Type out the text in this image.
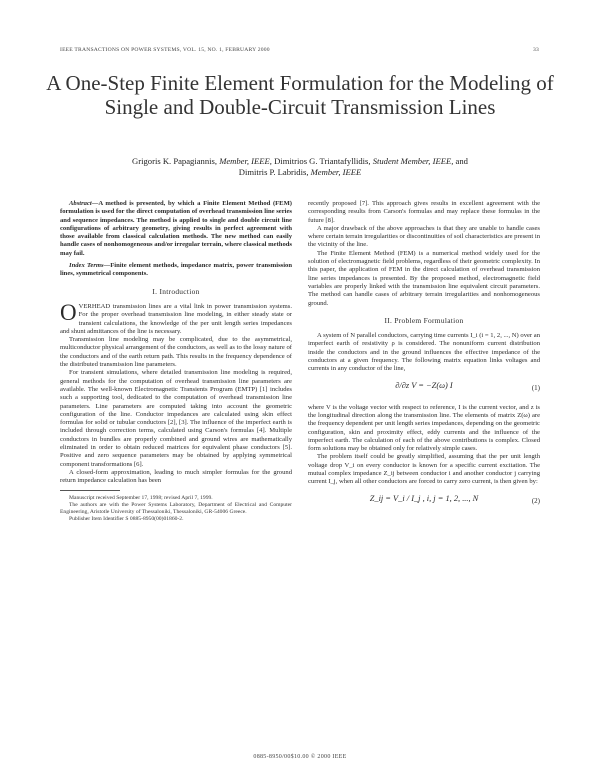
IEEE TRANSACTIONS ON POWER SYSTEMS, VOL. 15, NO. 1, FEBRUARY 2000	33
A One-Step Finite Element Formulation for the Modeling of Single and Double-Circuit Transmission Lines
Grigoris K. Papagiannis, Member, IEEE, Dimitrios G. Triantafyllidis, Student Member, IEEE, and
Dimitris P. Labridis, Member, IEEE

Abstract—A method is presented, by which a Finite Element Method (FEM) formulation is used for the direct computation of overhead transmission line series and sequence impedances. The method is applied to single and double circuit line configurations of arbitrary geometry, giving results in perfect agreement with those available from classical calculation methods. The new method can easily handle cases of nonhomogeneous and/or irregular terrain, where classical methods may fail.

Index Terms—Finite element methods, impedance matrix, power transmission lines, symmetrical components.

I. Introduction

OVERHEAD transmission lines are a vital link in power transmission systems. For the proper overhead transmission line modeling, in either steady state or transient calculations, the knowledge of the per unit length series impedances and shunt admittances of the line is necessary.

Transmission line modeling may be complicated, due to the asymmetrical, multiconductor physical arrangement of the conductors, as well as to the lossy nature of the conductors and of the earth return path. This results in the frequency dependence of the distributed transmission line parameters.

For transient simulations, where detailed transmission line modeling is required, general methods for the computation of overhead transmission line parameters are available. The well-known Electromagnetic Transients Program (EMTP) [1] includes such a supporting tool, dedicated to the computation of overhead transmission line parameters. Line parameters are computed taking into account the geometric configuration of the line. Conductor impedances are calculated using skin effect formulas for solid or tubular conductors [2], [3]. The influence of the imperfect earth is included through correction terms, calculated using Carson's formulas [4]. Multiple conductors in bundles are properly combined and ground wires are mathematically eliminated in order to obtain reduced matrices for equivalent phase conductors [5]. Positive and zero sequence parameters may be obtained by applying symmetrical component transformations [6].

A closed-form approximation, leading to much simpler formulas for the ground return impedance calculation has been

Manuscript received September 17, 1998; revised April 7, 1999.

The authors are with the Power Systems Laboratory, Department of Electrical and Computer Engineering, Aristotle University of Thessaloniki, Thessaloniki, GR-54006 Greece.

Publisher Item Identifier S 0885-8950(00)01860-2.

recently proposed [7]. This approach gives results in excellent agreement with the corresponding results from Carson's formulas and may replace these formulas in the future [8].

A major drawback of the above approaches is that they are unable to handle cases where certain terrain irregularities or discontinuities of soil characteristics are present in the vicinity of the line.

The Finite Element Method (FEM) is a numerical method widely used for the solution of electromagnetic field problems, regardless of their geometric complexity. In this paper, the application of FEM in the direct calculation of overhead transmission line series impedances is presented. By the proposed method, electromagnetic field variables are properly linked with the transmission line equivalent circuit parameters. The method can handle cases of arbitrary terrain irregularities and nonhomogeneous ground.

II. Problem Formulation

A system of N parallel conductors, carrying time currents I_i (i = 1, 2, ..., N) over an imperfect earth of resistivity ρ is considered. The nonuniform current distribution inside the conductors and in the ground influences the effective impedance of the conductors at a given frequency. The following matrix equation links voltages and currents in any conductor of the line,

∂/∂z V = −Z(ω) I	(1)

where V is the voltage vector with respect to reference, I is the current vector, and z is the longitudinal direction along the transmission line. The elements of matrix Z(ω) are the frequency dependent per unit length series impedances, depending on the geometric configuration, skin and proximity effect, eddy currents and the influence of the imperfect earth. The calculation of each of the above contributions is complex. Closed form solutions may be obtained only for relatively simple cases.

The problem itself could be greatly simplified, assuming that the per unit length voltage drop V_i on every conductor is known for a specific current excitation. The mutual complex impedance Z_ij between conductor i and another conductor j carrying current I_j, when all other conductors are forced to carry zero current, is then given by:

Z_ij = V_i / I_j , i, j = 1, 2, ..., N	(2)
0885-8950/00$10.00 © 2000 IEEE
